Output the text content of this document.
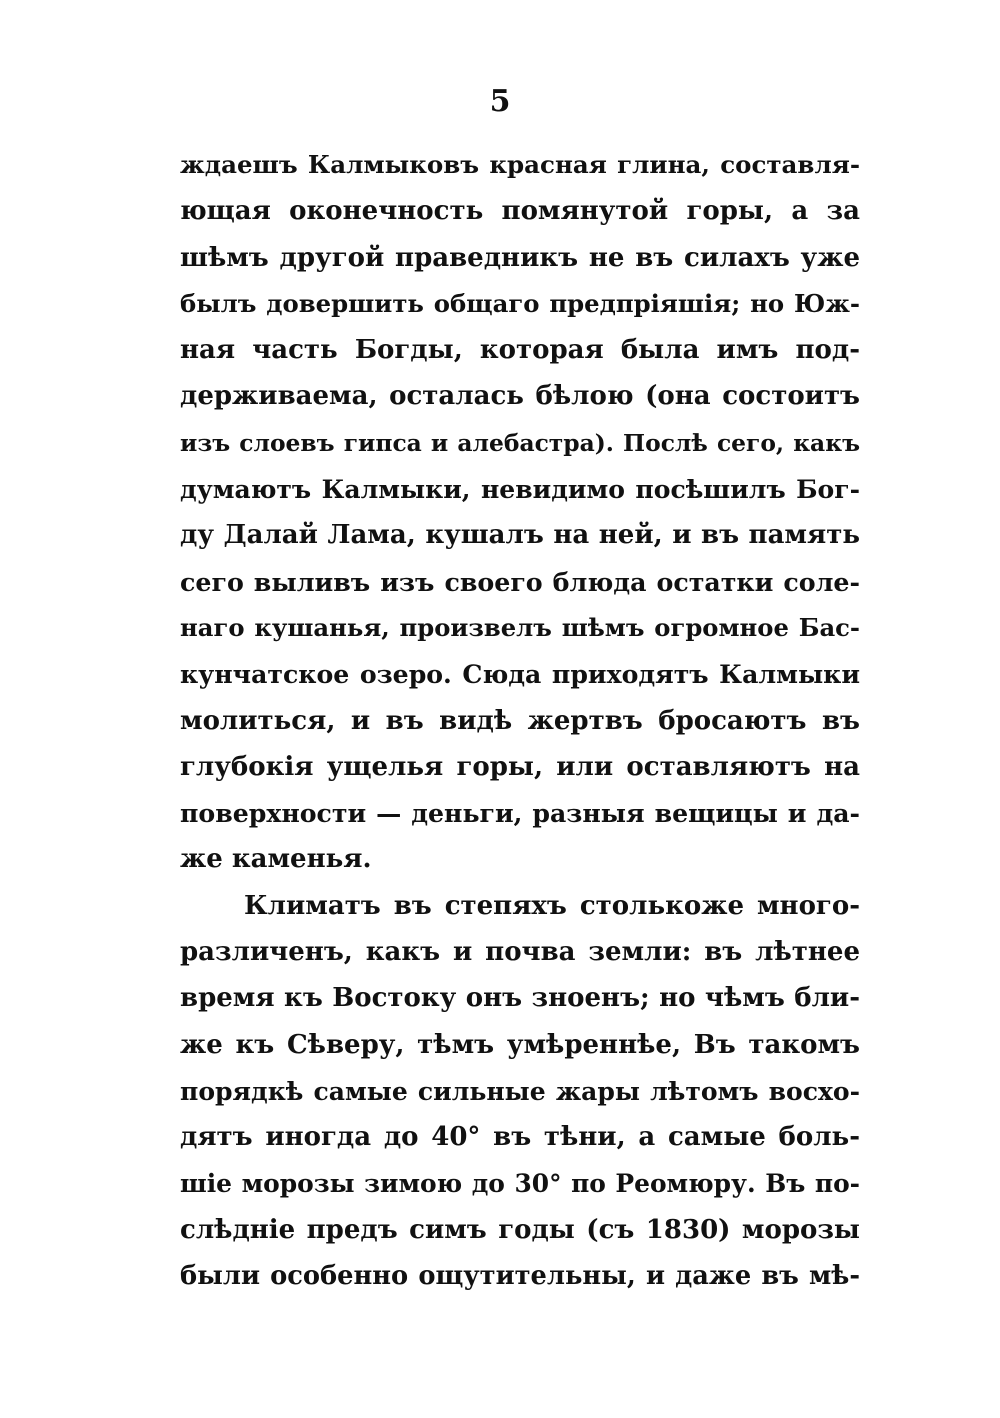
5
ждаешъ Калмыковъ красная глина, составля-
ющая оконечность помянутой горы, а за
шѣмъ другой праведникъ не въ силахъ уже
былъ довершить общаго предпріяшія; но Юж-
ная часть Богды, которая была имъ под-
держиваема, осталась бѣлою (она состоитъ
изъ слоевъ гипса и алебастра). Послѣ сего, какъ
думаютъ Калмыки, невидимо посѣшилъ Бог-
ду Далай Лама, кушалъ на ней, и въ память
сего выливъ изъ своего блюда остатки соле-
наго кушанья, произвелъ шѣмъ огромное Бас-
кунчатское озеро. Сюда приходятъ Калмыки
молиться, и въ видѣ жертвъ бросаютъ въ
глубокія ущелья горы, или оставляютъ на
поверхности — деньги, разныя вещицы и да-
же каменья.
Климатъ въ степяхъ столькоже много-
различенъ, какъ и почва земли: въ лѣтнее
время къ Востоку онъ зноенъ; но чѣмъ бли-
же къ Сѣверу, тѣмъ умѣреннѣе, Въ такомъ
порядкѣ самые сильные жары лѣтомъ восхо-
дятъ иногда до 40° въ тѣни, а самые боль-
шіе морозы зимою до 30° по Реомюру. Въ по-
слѣдніе предъ симъ годы (съ 1830) морозы
были особенно ощутительны, и даже въ мѣ-
